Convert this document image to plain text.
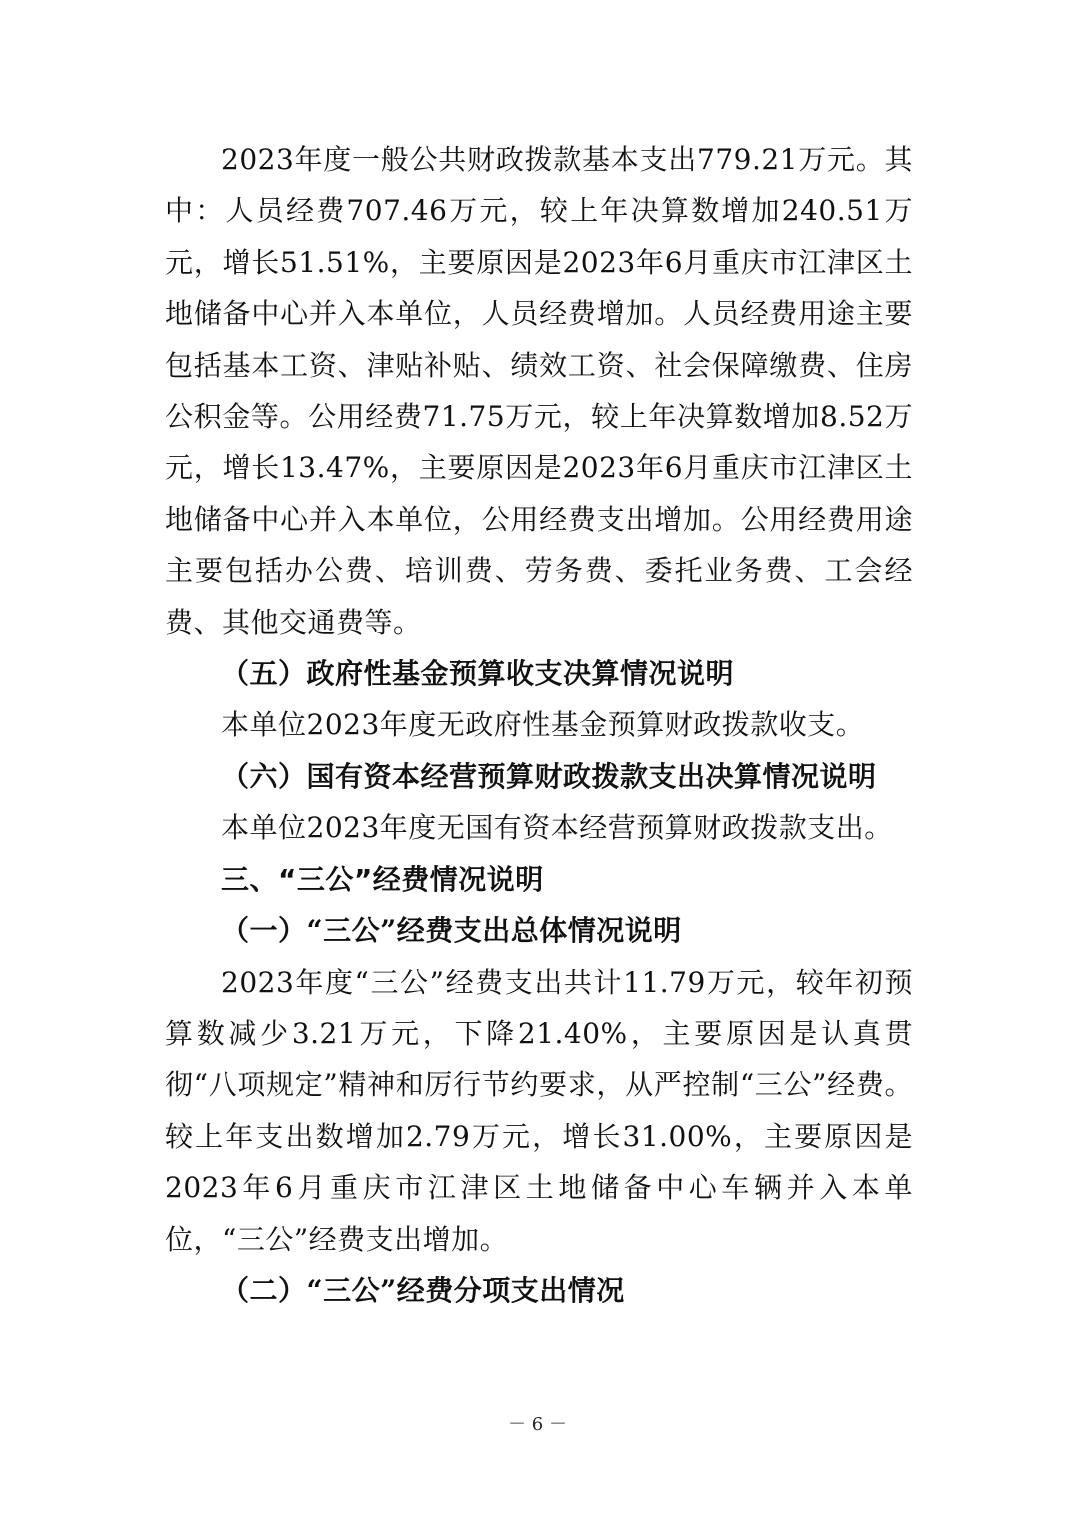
2023年度一般公共财政拨款基本支出779.21万元。其中：人员经费707.46万元，较上年决算数增加240.51万元，增长51.51%，主要原因是2023年6月重庆市江津区土地储备中心并入本单位，人员经费增加。人员经费用途主要包括基本工资、津贴补贴、绩效工资、社会保障缴费、住房公积金等。公用经费71.75万元，较上年决算数增加8.52万元，增长13.47%，主要原因是2023年6月重庆市江津区土地储备中心并入本单位，公用经费支出增加。公用经费用途主要包括办公费、培训费、劳务费、委托业务费、工会经费、其他交通费等。

（五）政府性基金预算收支决算情况说明

本单位2023年度无政府性基金预算财政拨款收支。

（六）国有资本经营预算财政拨款支出决算情况说明

本单位2023年度无国有资本经营预算财政拨款支出。

三、“三公”经费情况说明

（一）“三公”经费支出总体情况说明

2023年度“三公”经费支出共计11.79万元，较年初预算数减少3.21万元，下降21.40%，主要原因是认真贯彻“八项规定”精神和厉行节约要求，从严控制“三公”经费。较上年支出数增加2.79万元，增长31.00%，主要原因是2023年6月重庆市江津区土地储备中心车辆并入本单位，“三公”经费支出增加。

（二）“三公”经费分项支出情况

－ 6 －
